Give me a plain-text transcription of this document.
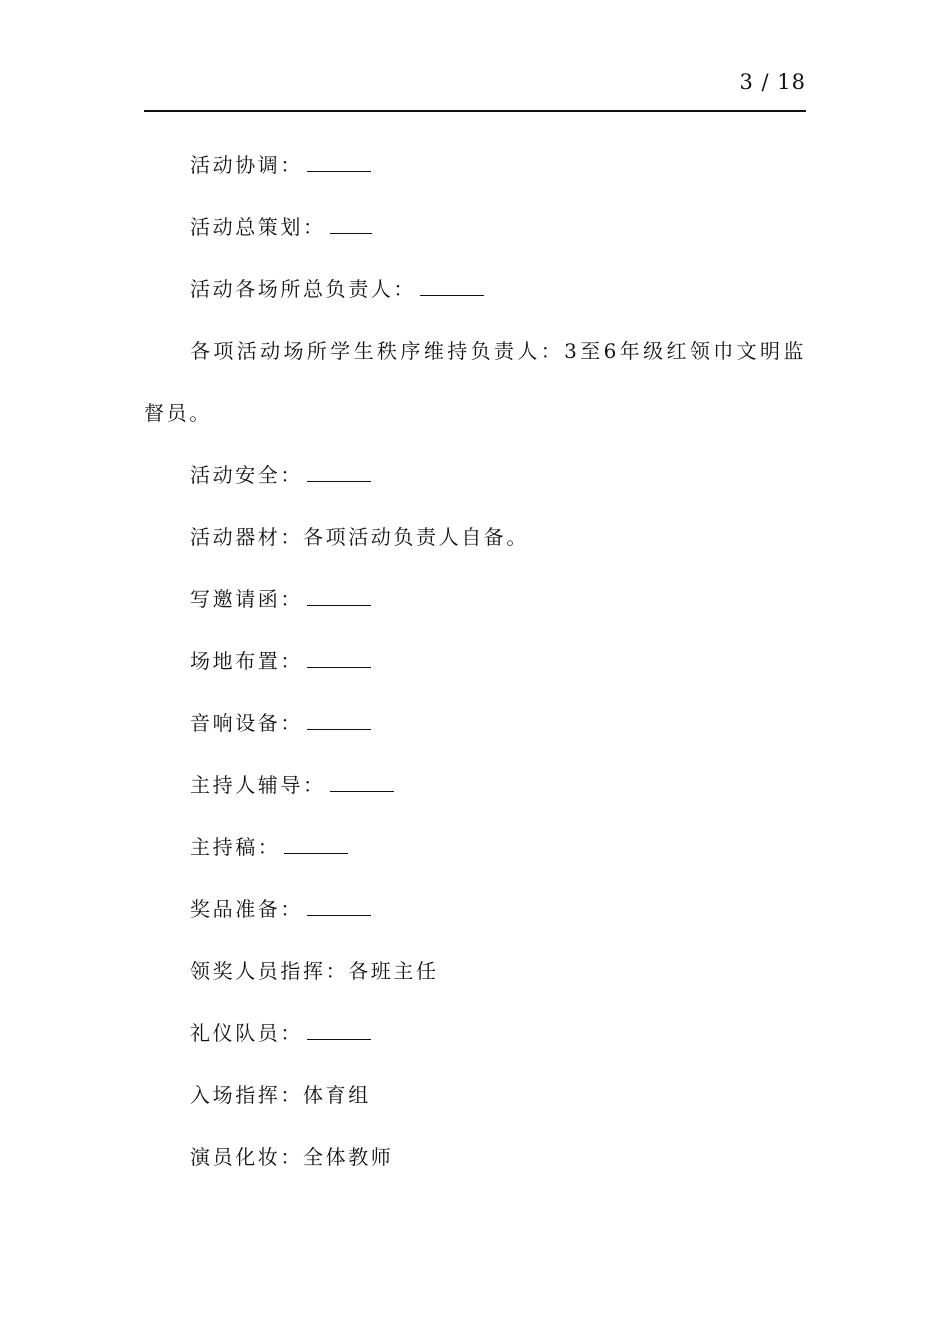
3 / 18

活动协调：

活动总策划：

活动各场所总负责人：

各项活动场所学生秩序维持负责人：3至6年级红领巾文明监督员。

活动安全：

活动器材：各项活动负责人自备。

写邀请函：

场地布置：

音响设备：

主持人辅导：

主持稿：

奖品准备：

领奖人员指挥：各班主任

礼仪队员：

入场指挥：体育组

演员化妆：全体教师
